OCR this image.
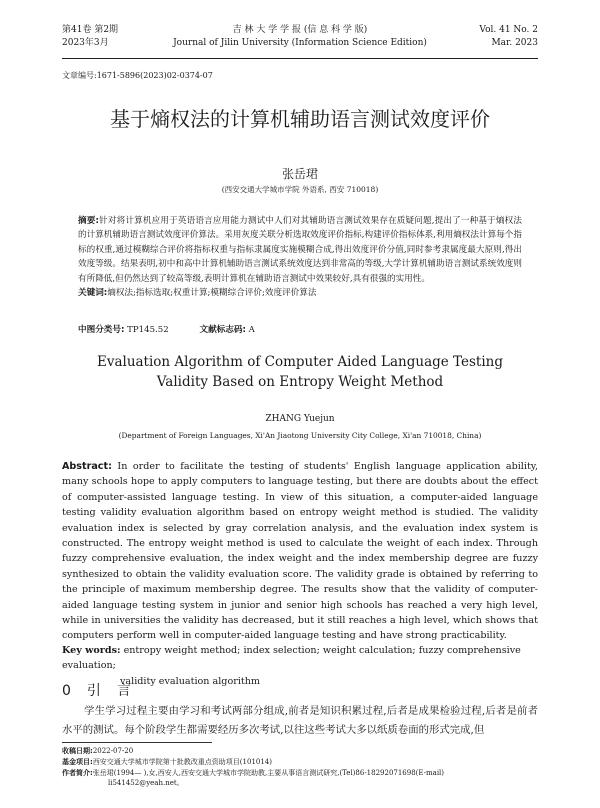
第41卷 第2期
2023年3月
吉 林 大 学 学 报 (信 息 科 学 版)
Journal of Jilin University (Information Science Edition)
Vol. 41 No. 2
Mar. 2023
文章编号:1671-5896(2023)02-0374-07
基于熵权法的计算机辅助语言测试效度评价
张岳珺
(西安交通大学城市学院 外语系, 西安 710018)
摘要:针对将计算机应用于英语语言应用能力测试中人们对其辅助语言测试效果存在质疑问题,提出了一种基于熵权法的计算机辅助语言测试效度评价算法。采用灰度关联分析选取效度评价指标,构建评价指标体系,利用熵权法计算每个指标的权重,通过模糊综合评价将指标权重与指标隶属度实施模糊合成,得出效度评价分值,同时参考隶属度最大原则,得出效度等级。结果表明,初中和高中计算机辅助语言测试系统效度达到非常高的等级,大学计算机辅助语言测试系统效度则有所降低,但仍然达到了较高等级,表明计算机在辅助语言测试中效果较好,具有很强的实用性。
关键词:熵权法;指标选取;权重计算;模糊综合评价;效度评价算法
中图分类号: TP145.52	文献标志码: A
Evaluation Algorithm of Computer Aided Language Testing
Validity Based on Entropy Weight Method
ZHANG Yuejun
(Department of Foreign Languages, Xi'An Jiaotong University City College, Xi'an 710018, China)
Abstract: In order to facilitate the testing of students' English language application ability, many schools hope to apply computers to language testing, but there are doubts about the effect of computer-assisted language testing. In view of this situation, a computer-aided language testing validity evaluation algorithm based on entropy weight method is studied. The validity evaluation index is selected by gray correlation analysis, and the evaluation index system is constructed. The entropy weight method is used to calculate the weight of each index. Through fuzzy comprehensive evaluation, the index weight and the index membership degree are fuzzy synthesized to obtain the validity evaluation score. The validity grade is obtained by referring to the principle of maximum membership degree. The results show that the validity of computer-aided language testing system in junior and senior high schools has reached a very high level, while in universities the validity has decreased, but it still reaches a high level, which shows that computers perform well in computer-aided language testing and have strong practicability.
Key words: entropy weight method; index selection; weight calculation; fuzzy comprehensive evaluation;
validity evaluation algorithm
0引言
学生学习过程主要由学习和考试两部分组成,前者是知识积累过程,后者是成果检验过程,后者是前者水平的测试。每个阶段学生都需要经历多次考试,以往这些考试大多以纸质卷面的形式完成,但
收稿日期:2022-07-20
基金项目:西安交通大学城市学院第十批教改重点资助项目(101014)
作者简介:张岳珺(1994— ),女,西安人,西安交通大学城市学院助教,主要从事语言测试研究,(Tel)86-18292071698(E-mail)
li541452@yeah.net。
